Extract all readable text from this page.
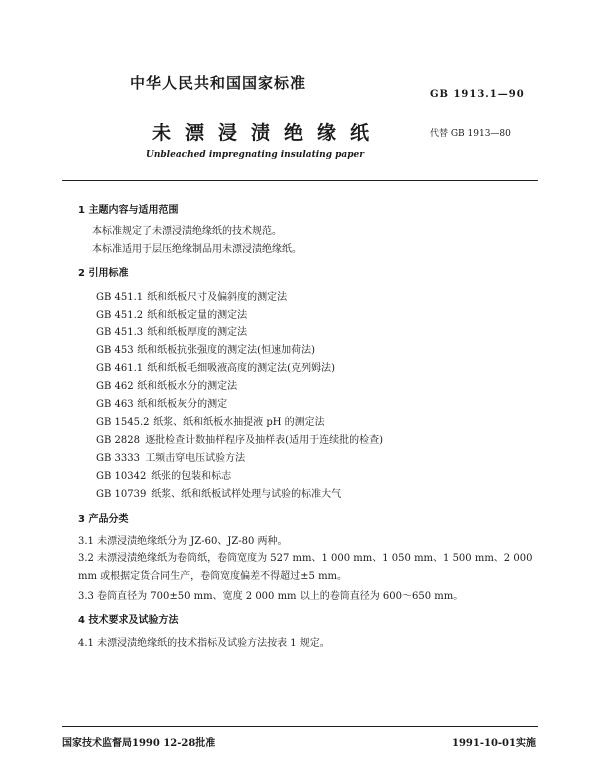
中华人民共和国国家标准
GB 1913.1—90
未漂浸渍绝缘纸	代替 GB 1913—80
Unbleached impregnating insulating paper
1 主题内容与适用范围
本标准规定了未漂浸渍绝缘纸的技术规范。
本标准适用于层压绝缘制品用未漂浸渍绝缘纸。
2 引用标准
GB 451.1 纸和纸板尺寸及偏斜度的测定法
GB 451.2 纸和纸板定量的测定法
GB 451.3 纸和纸板厚度的测定法
GB 453 纸和纸板抗张强度的测定法(恒速加荷法)
GB 461.1 纸和纸板毛细吸液高度的测定法(克列姆法)
GB 462 纸和纸板水分的测定法
GB 463 纸和纸板灰分的测定
GB 1545.2 纸浆、纸和纸板水抽提液 pH 的测定法
GB 2828 逐批检查计数抽样程序及抽样表(适用于连续批的检查)
GB 3333 工频击穿电压试验方法
GB 10342 纸张的包装和标志
GB 10739 纸浆、纸和纸板试样处理与试验的标准大气
3 产品分类
3.1 未漂浸渍绝缘纸分为 JZ-60、JZ-80 两种。
3.2 未漂浸渍绝缘纸为卷筒纸，卷筒宽度为 527 mm、1 000 mm、1 050 mm、1 500 mm、2 000 mm 或根据定货合同生产，卷筒宽度偏差不得超过±5 mm。
3.3 卷筒直径为 700±50 mm、宽度 2 000 mm 以上的卷筒直径为 600～650 mm。
4 技术要求及试验方法
4.1 未漂浸渍绝缘纸的技术指标及试验方法按表 1 规定。
国家技术监督局1990 12-28批准	1991-10-01实施
